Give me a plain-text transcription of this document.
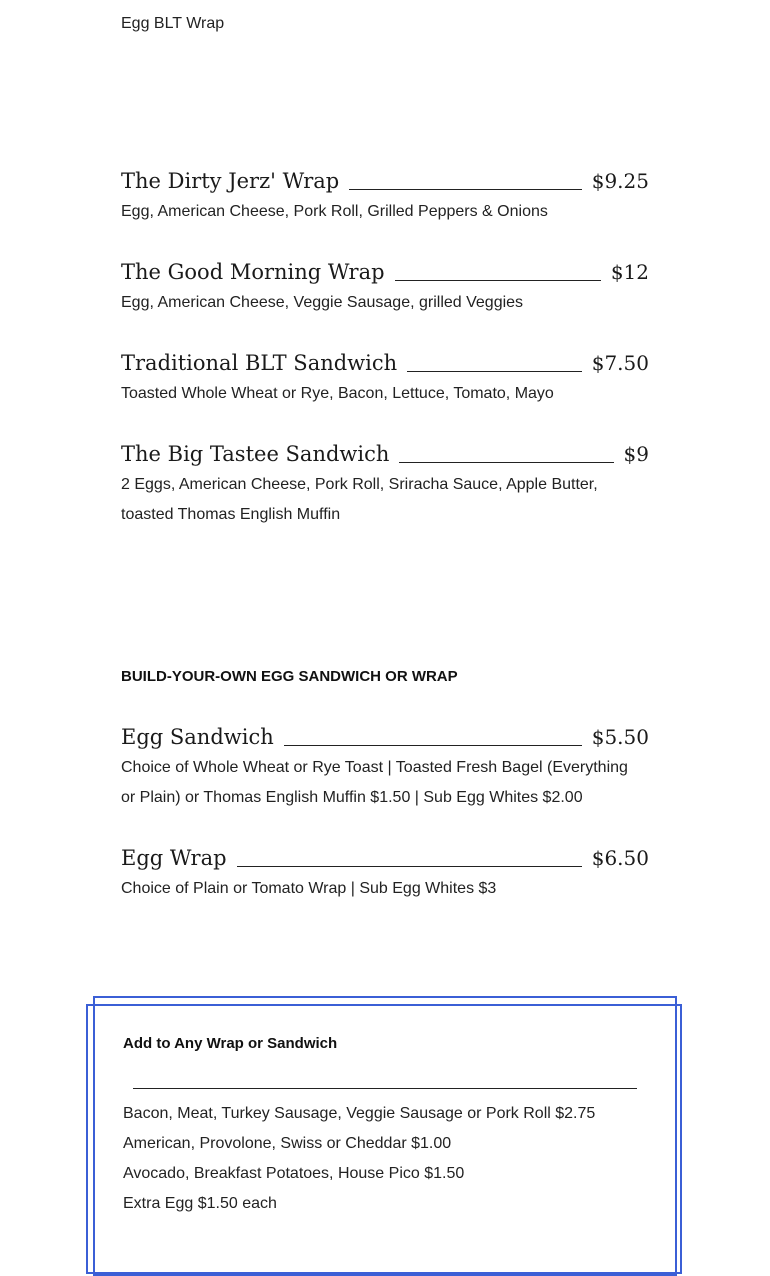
Egg BLT Wrap
The Dirty Jerz' Wrap	$9.25
Egg, American Cheese, Pork Roll, Grilled Peppers & Onions
The Good Morning Wrap	$12
Egg, American Cheese, Veggie Sausage, grilled Veggies
Traditional BLT Sandwich	$7.50
Toasted Whole Wheat or Rye, Bacon, Lettuce, Tomato, Mayo
The Big Tastee Sandwich	$9
2 Eggs, American Cheese, Pork Roll, Sriracha Sauce, Apple Butter, toasted Thomas English Muffin
BUILD-YOUR-OWN EGG SANDWICH OR WRAP
Egg Sandwich	$5.50
Choice of Whole Wheat or Rye Toast | Toasted Fresh Bagel (Everything or Plain) or Thomas English Muffin $1.50 | Sub Egg Whites $2.00
Egg Wrap	$6.50
Choice of Plain or Tomato Wrap | Sub Egg Whites $3
Add to Any Wrap or Sandwich
Bacon, Meat, Turkey Sausage, Veggie Sausage or Pork Roll $2.75
American, Provolone, Swiss or Cheddar $1.00
Avocado, Breakfast Potatoes, House Pico $1.50
Extra Egg $1.50 each
